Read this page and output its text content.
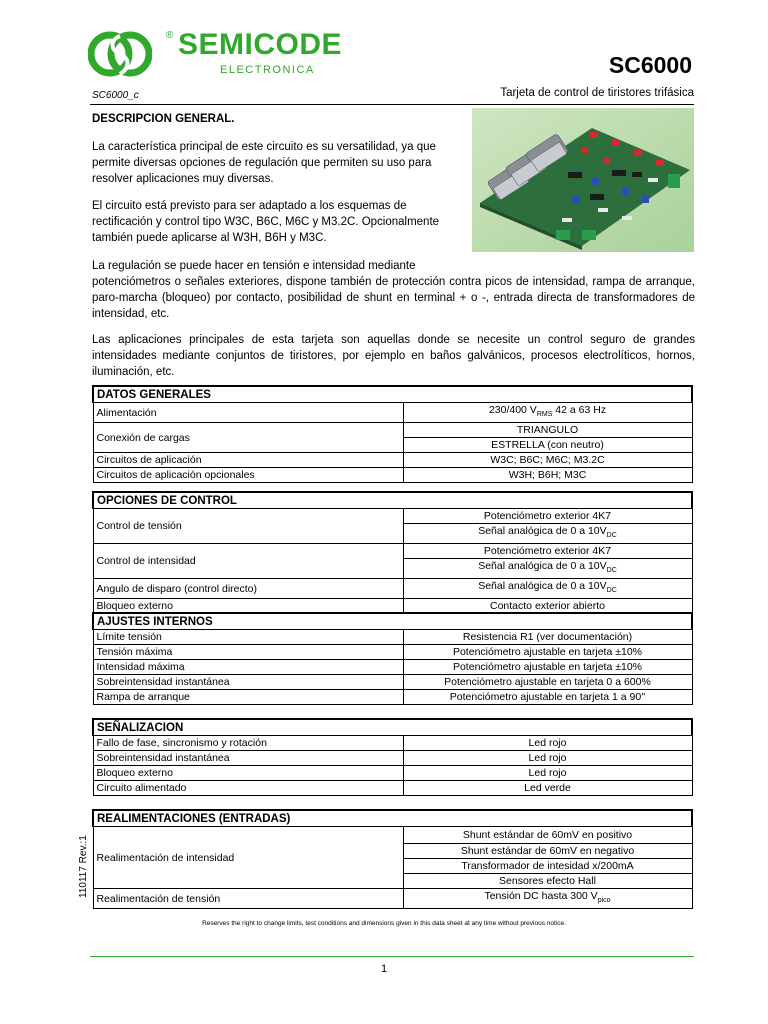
® SEMICODE
ELECTRONICA	SC6000
SC6000_c	Tarjeta de control de tiristores trifásica
DESCRIPCION GENERAL.
La característica principal de este circuito es su versatilidad, ya que
permite diversas opciones de regulación que permiten su uso para
resolver aplicaciones muy diversas.
El circuito está previsto para ser adaptado a los esquemas de
rectificación y control tipo W3C, B6C, M6C y M3.2C. Opcionalmente
también puede aplicarse al W3H, B6H y M3C.
La regulación se puede hacer en tensión e intensidad mediante
potenciómetros o señales exteriores, dispone también de protección contra picos de intensidad, rampa de arranque, paro-marcha (bloqueo) por contacto, posibilidad de shunt en terminal + o -, entrada directa de transformadores de intensidad, etc.
Las aplicaciones principales de esta tarjeta son aquellas donde se necesite un control seguro de grandes intensidades mediante conjuntos de tiristores, por ejemplo en baños galvánicos, procesos electrolíticos, hornos, iluminación, etc.
DATOS GENERALES	
Alimentación	230/400 $V_{RMS}$ 42 a 63 Hz
Conexión de cargas	TRIANGULO
	ESTRELLA (con neutro)
Circuitos de aplicación	W3C; B6C; M6C; M3.2C
Circuitos de aplicación opcionales	W3H; B6H; M3C
OPCIONES DE CONTROL	
Control de tensión	Potenciómetro exterior 4K7
	Señal analógica de 0 a $10V_{DC}$
Control de intensidad	Potenciómetro exterior 4K7
	Señal analógica de 0 a $10V_{DC}$
Angulo de disparo (control directo)	Señal analógica de 0 a $10V_{DC}$
Bloqueo externo	Contacto exterior abierto
AJUSTES INTERNOS	
Límite tensión	Resistencia R1 (ver documentación)
Tensión máxima	Potenciómetro ajustable en tarjeta ±10%
Intensidad máxima	Potenciómetro ajustable en tarjeta ±10%
Sobreintensidad instantánea	Potenciómetro ajustable en tarjeta 0 a 600%
Rampa de arranque	Potenciómetro ajustable en tarjeta 1 a 90''
SEÑALIZACION	
Fallo de fase, sincronismo y rotación	Led rojo
Sobreintensidad instantánea	Led rojo
Bloqueo externo	Led rojo
Circuito alimentado	Led verde
REALIMENTACIONES (ENTRADAS)	
Realimentación de intensidad	Shunt estándar de 60mV en positivo
	Shunt estándar de 60mV en negativo
	Transformador de intesidad x/200mA
	Sensores efecto Hall
Realimentación de tensión	Tensión DC hasta 300 $V_{pico}$
110117 Rev.:1
Reserves the right to change limits, test conditions and dimensions given in this data sheet at any time without previous notice.
1
